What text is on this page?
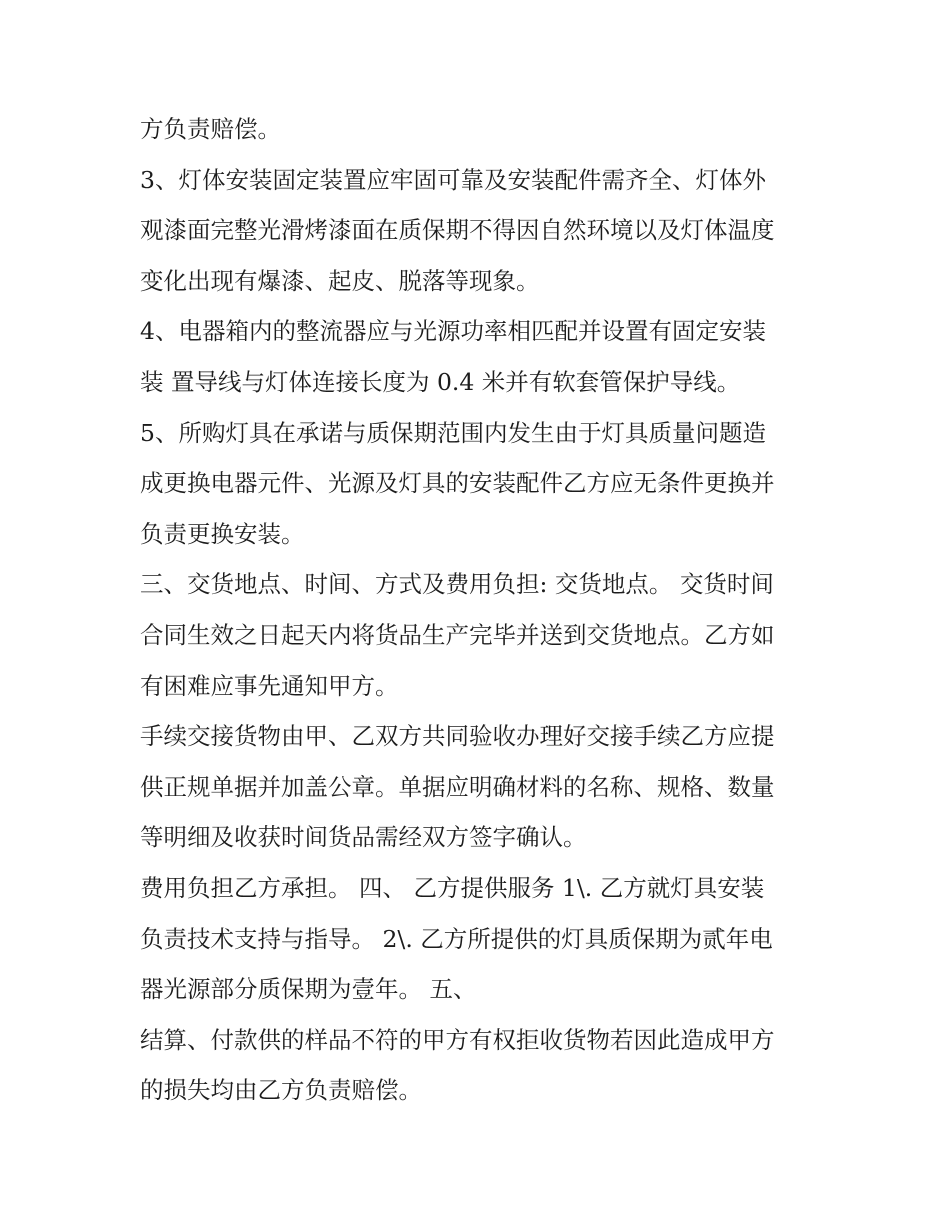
方负责赔偿。
3、灯体安装固定装置应牢固可靠及安装配件需齐全、灯体外
观漆面完整光滑烤漆面在质保期不得因自然环境以及灯体温度
变化出现有爆漆、起皮、脱落等现象。
4、电器箱内的整流器应与光源功率相匹配并设置有固定安装
装 置导线与灯体连接长度为 0.4 米并有软套管保护导线。
5、所购灯具在承诺与质保期范围内发生由于灯具质量问题造
成更换电器元件、光源及灯具的安装配件乙方应无条件更换并
负责更换安装。
三、交货地点、时间、方式及费用负担: 交货地点。 交货时间
合同生效之日起天内将货品生产完毕并送到交货地点。乙方如
有困难应事先通知甲方。
手续交接货物由甲、乙双方共同验收办理好交接手续乙方应提
供正规单据并加盖公章。单据应明确材料的名称、规格、数量
等明细及收获时间货品需经双方签字确认。
费用负担乙方承担。 四、 乙方提供服务 1\. 乙方就灯具安装
负责技术支持与指导。 2\. 乙方所提供的灯具质保期为贰年电
器光源部分质保期为壹年。 五、
结算、付款供的样品不符的甲方有权拒收货物若因此造成甲方
的损失均由乙方负责赔偿。
